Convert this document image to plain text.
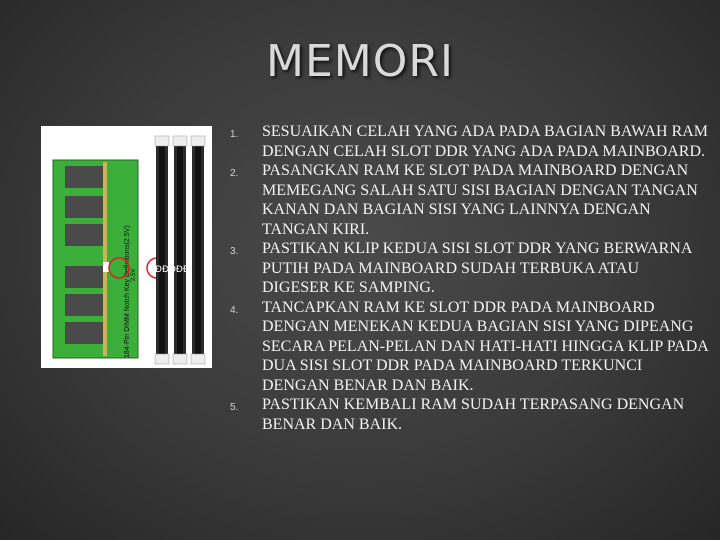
MEMORI
184-Pin DIMM Notch Key Definitions(2.5V) 2.5V ĐĐĐĐĐ
1. SESUAIKAN CELAH YANG ADA PADA BAGIAN BAWAH RAM DENGAN CELAH SLOT DDR YANG ADA PADA MAINBOARD.
2. PASANGKAN RAM KE SLOT PADA MAINBOARD DENGAN MEMEGANG SALAH SATU SISI BAGIAN DENGAN TANGAN KANAN DAN BAGIAN SISI YANG LAINNYA DENGAN TANGAN KIRI.
3. PASTIKAN KLIP KEDUA SISI SLOT DDR YANG BERWARNA PUTIH PADA MAINBOARD SUDAH TERBUKA ATAU DIGESER KE SAMPING.
4. TANCAPKAN RAM KE SLOT DDR PADA MAINBOARD DENGAN MENEKAN KEDUA BAGIAN SISI YANG DIPEANG SECARA PELAN-PELAN DAN HATI-HATI HINGGA KLIP PADA DUA SISI SLOT DDR PADA MAINBOARD TERKUNCI DENGAN BENAR DAN BAIK.
5. PASTIKAN KEMBALI RAM SUDAH TERPASANG DENGAN BENAR DAN BAIK.
